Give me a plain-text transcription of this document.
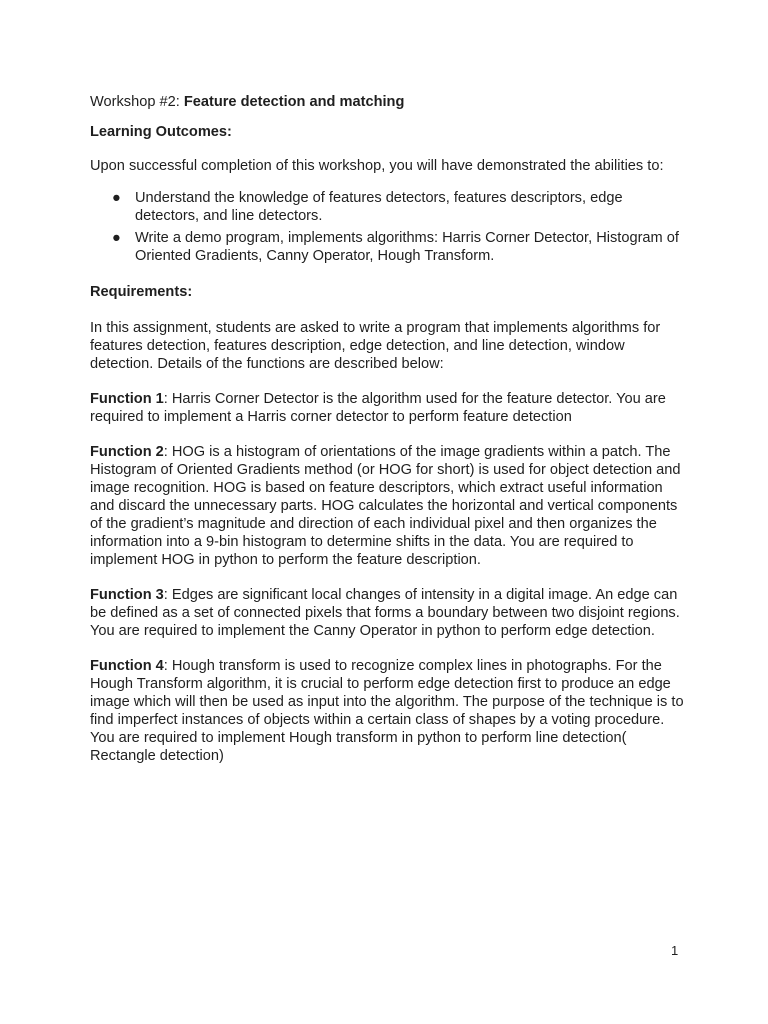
Workshop #2: Feature detection and matching

Learning Outcomes:

Upon successful completion of this workshop, you will have demonstrated the abilities to:

● Understand the knowledge of features detectors, features descriptors, edge detectors, and line detectors.
● Write a demo program, implements algorithms: Harris Corner Detector, Histogram of Oriented Gradients, Canny Operator, Hough Transform.

Requirements:

In this assignment, students are asked to write a program that implements algorithms for features detection, features description, edge detection, and line detection, window detection. Details of the functions are described below:

Function 1: Harris Corner Detector is the algorithm used for the feature detector. You are required to implement a Harris corner detector to perform feature detection

Function 2: HOG is a histogram of orientations of the image gradients within a patch. The Histogram of Oriented Gradients method (or HOG for short) is used for object detection and image recognition. HOG is based on feature descriptors, which extract useful information and discard the unnecessary parts. HOG calculates the horizontal and vertical components of the gradient’s magnitude and direction of each individual pixel and then organizes the information into a 9-bin histogram to determine shifts in the data. You are required to implement HOG in python to perform the feature description.

Function 3: Edges are significant local changes of intensity in a digital image. An edge can be defined as a set of connected pixels that forms a boundary between two disjoint regions. You are required to implement the Canny Operator in python to perform edge detection.

Function 4: Hough transform is used to recognize complex lines in photographs. For the Hough Transform algorithm, it is crucial to perform edge detection first to produce an edge image which will then be used as input into the algorithm. The purpose of the technique is to find imperfect instances of objects within a certain class of shapes by a voting procedure. You are required to implement Hough transform in python to perform line detection( Rectangle detection)

1
